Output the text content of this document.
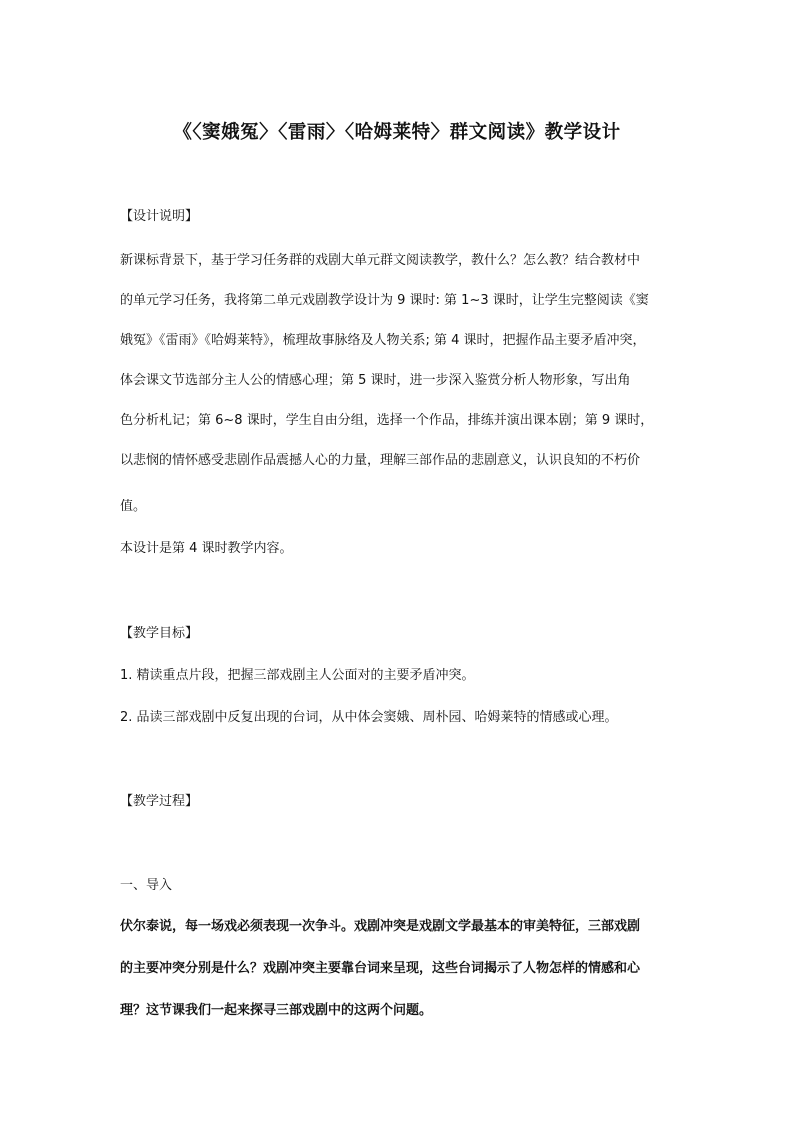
《〈窦娥冤〉〈雷雨〉〈哈姆莱特〉群文阅读》教学设计
【设计说明】
新课标背景下，基于学习任务群的戏剧大单元群文阅读教学，教什么？怎么教？结合教材中
的单元学习任务，我将第二单元戏剧教学设计为 9 课时: 第 1~3 课时，让学生完整阅读《窦
娥冤》《雷雨》《哈姆莱特》，梳理故事脉络及人物关系; 第 4 课时，把握作品主要矛盾冲突，
体会课文节选部分主人公的情感心理；第 5 课时，进一步深入鉴赏分析人物形象，写出角
色分析札记；第 6~8 课时，学生自由分组，选择一个作品，排练并演出课本剧；第 9 课时，
以悲悯的情怀感受悲剧作品震撼人心的力量，理解三部作品的悲剧意义，认识良知的不朽价
值。
本设计是第 4 课时教学内容。
【教学目标】
1. 精读重点片段，把握三部戏剧主人公面对的主要矛盾冲突。
2. 品读三部戏剧中反复出现的台词，从中体会窦娥、周朴园、哈姆莱特的情感或心理。
【教学过程】
一、导入
伏尔泰说，每一场戏必须表现一次争斗。戏剧冲突是戏剧文学最基本的审美特征，三部戏剧
的主要冲突分别是什么？戏剧冲突主要靠台词来呈现，这些台词揭示了人物怎样的情感和心
理？这节课我们一起来探寻三部戏剧中的这两个问题。
